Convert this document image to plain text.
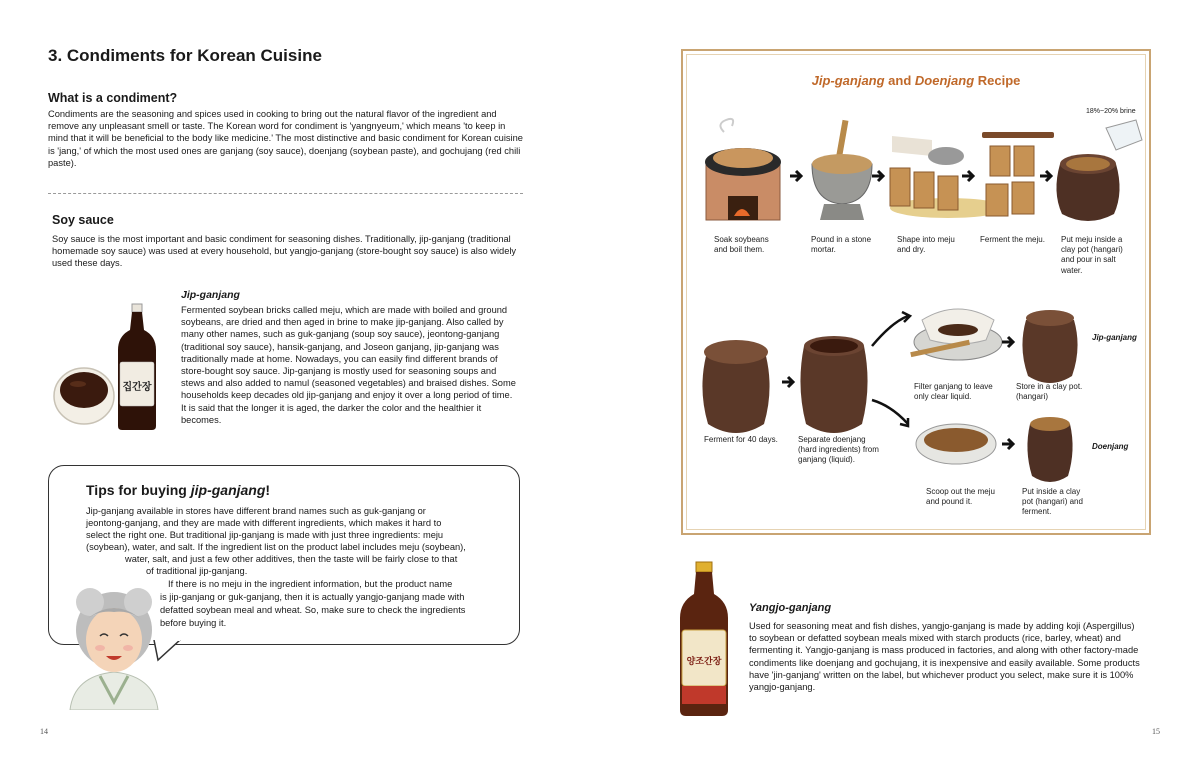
3. Condiments for Korean Cuisine
What is a condiment?
Condiments are the seasoning and spices used in cooking to bring out the natural flavor of the ingredient and remove any unpleasant smell or taste. The Korean word for condiment is 'yangnyeum,' which means 'to keep in mind that it will be beneficial to the body like medicine.' The most distinctive and basic condiment for Korean cuisine is 'jang,' of which the most used ones are ganjang (soy sauce), doenjang (soybean paste), and gochujang (red chili paste).
Soy sauce
Soy sauce is the most important and basic condiment for seasoning dishes. Traditionally, jip-ganjang (traditional homemade soy sauce) was used at every household, but yangjo-ganjang (store-bought soy sauce) is also widely used these days.
집간장
Jip-ganjang
Fermented soybean bricks called meju, which are made with boiled and ground soybeans, are dried and then aged in brine to make jip-ganjang. Also called by many other names, such as guk-ganjang (soup soy sauce), jeontong-ganjang (traditional soy sauce), hansik-ganjang, and Joseon ganjang, jip-ganjang was traditionally made at home. Nowadays, you can easily find different brands of store-bought soy sauce. Jip-ganjang is mostly used for seasoning soups and stews and also added to namul (seasoned vegetables) and braised dishes. Some households keep decades old jip-ganjang and enjoy it over a long period of time. It is said that the longer it is aged, the darker the color and the healthier it becomes.
Tips for buying jip-ganjang!
Jip-ganjang available in stores have different brand names such as guk-ganjang or
jeontong-ganjang, and they are made with different ingredients, which makes it hard to
select the right one. But traditional jip-ganjang is made with just three ingredients: meju
(soybean), water, and salt. If the ingredient list on the product label includes meju (soybean),
water, salt, and just a few other additives, then the taste will be fairly close to that
of traditional jip-ganjang.
If there is no meju in the ingredient information, but the product name
is jip-ganjang or guk-ganjang, then it is actually yangjo-ganjang made with
defatted soybean meal and wheat. So, make sure to check the ingredients
before buying it.
14
Jip-ganjang and Doenjang Recipe
18%~20% brine
Soak soybeans and boil them.
Pound in a stone mortar.
Shape into meju and dry.
Ferment the meju.	Put meju inside a clay pot (hangari) and pour in salt water.
Jip-ganjang
Doenjang
Ferment for 40 days.	Separate doenjang (hard ingredients) from ganjang (liquid).
Filter ganjang to leave only clear liquid.
Store in a clay pot. (hangari)
Scoop out the meju and pound it.
Put inside a clay pot (hangari) and ferment.
양조간장
Yangjo-ganjang
Used for seasoning meat and fish dishes, yangjo-ganjang is made by adding koji (Aspergillus) to soybean or defatted soybean meals mixed with starch products (rice, barley, wheat) and fermenting it. Yangjo-ganjang is mass produced in factories, and along with other factory-made condiments like doenjang and gochujang, it is inexpensive and easily available. Some products have 'jin-ganjang' written on the label, but whichever product you select, make sure it is 100% yangjo-ganjang.
15
